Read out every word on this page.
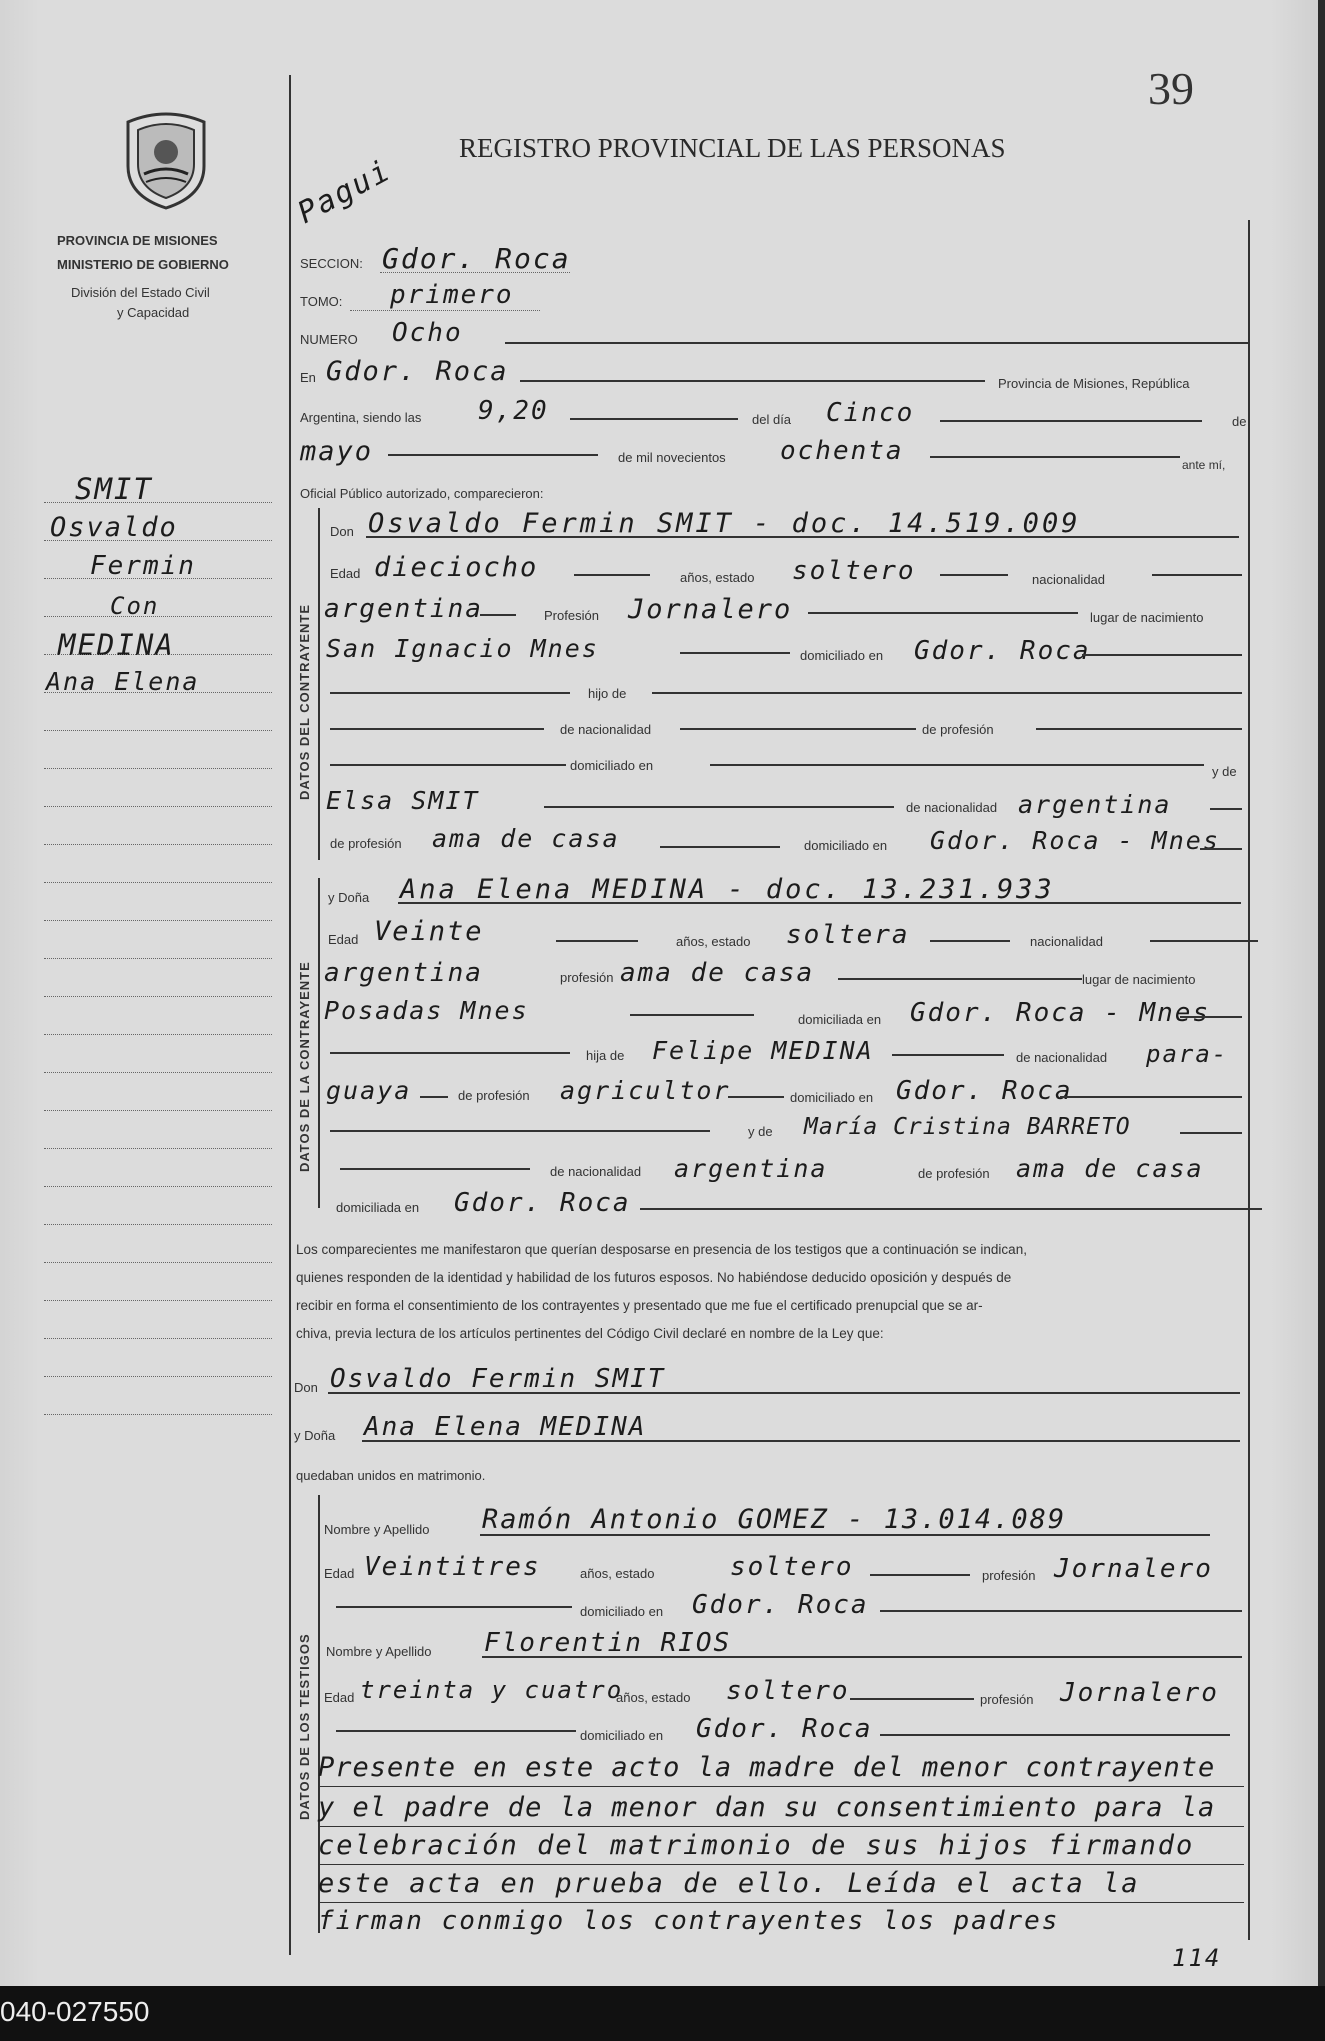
PROVINCIA DE MISIONES
MINISTERIO DE GOBIERNO
División del Estado Civil
y Capacidad
39
REGISTRO PROVINCIAL DE LAS PERSONAS
DATOS DEL CONTRAYENTE
DATOS DE LA CONTRAYENTE
DATOS DE LOS TESTIGOS
Pagui
SMIT
Osvaldo
Fermin
Con
MEDINA
Ana Elena
SECCION: Gdor. Roca
TOMO: primero
NUMERO Ocho
En Gdor. Roca	Provincia de Misiones, República
Argentina, siendo las 9,20	del día Cinco	de
mayo	de mil novecientos ochenta	ante mí,
Oficial Público autorizado, comparecieron:
Don Osvaldo Fermin SMIT - doc. 14.519.009
Edad dieciocho	años, estado soltero	nacionalidad
argentina	Profesión Jornalero	lugar de nacimiento
San Ignacio Mnes	domiciliado en Gdor. Roca
hijo de
de nacionalidad	de profesión
domiciliado en	y de
Elsa SMIT	de nacionalidad argentina
de profesión ama de casa	domiciliado en Gdor. Roca - Mnes
y Doña Ana Elena MEDINA - doc. 13.231.933
Edad Veinte	años, estado soltera	nacionalidad
argentina	profesión ama de casa	lugar de nacimiento
Posadas Mnes	domiciliada en Gdor. Roca - Mnes
hija de Felipe MEDINA	de nacionalidad para-
guaya	de profesión agricultor	domiciliado en Gdor. Roca
y de María Cristina BARRETO
de nacionalidad argentina	de profesión ama de casa
domiciliada en Gdor. Roca
Los comparecientes me manifestaron que querían desposarse en presencia de los testigos que a continuación se indican,
quienes responden de la identidad y habilidad de los futuros esposos. No habiéndose deducido oposición y después de
recibir en forma el consentimiento de los contrayentes y presentado que me fue el certificado prenupcial que se ar-
chiva, previa lectura de los artículos pertinentes del Código Civil declaré en nombre de la Ley que:
Don Osvaldo Fermin SMIT
y Doña Ana Elena MEDINA
quedaban unidos en matrimonio.
Nombre y Apellido Ramón Antonio GOMEZ - 13.014.089
Edad Veintitres	años, estado	soltero	profesión Jornalero
domiciliado en Gdor. Roca
Nombre y Apellido Florentin RIOS
Edad treinta y cuatro
años, estado soltero	profesión Jornalero
domiciliado en Gdor. Roca
Presente en este acto la madre del menor contrayente
y el padre de la menor dan su consentimiento para la
celebración del matrimonio de sus hijos firmando
este acta en prueba de ello. Leída el acta la
firman conmigo los contrayentes los padres
114
040-027550
